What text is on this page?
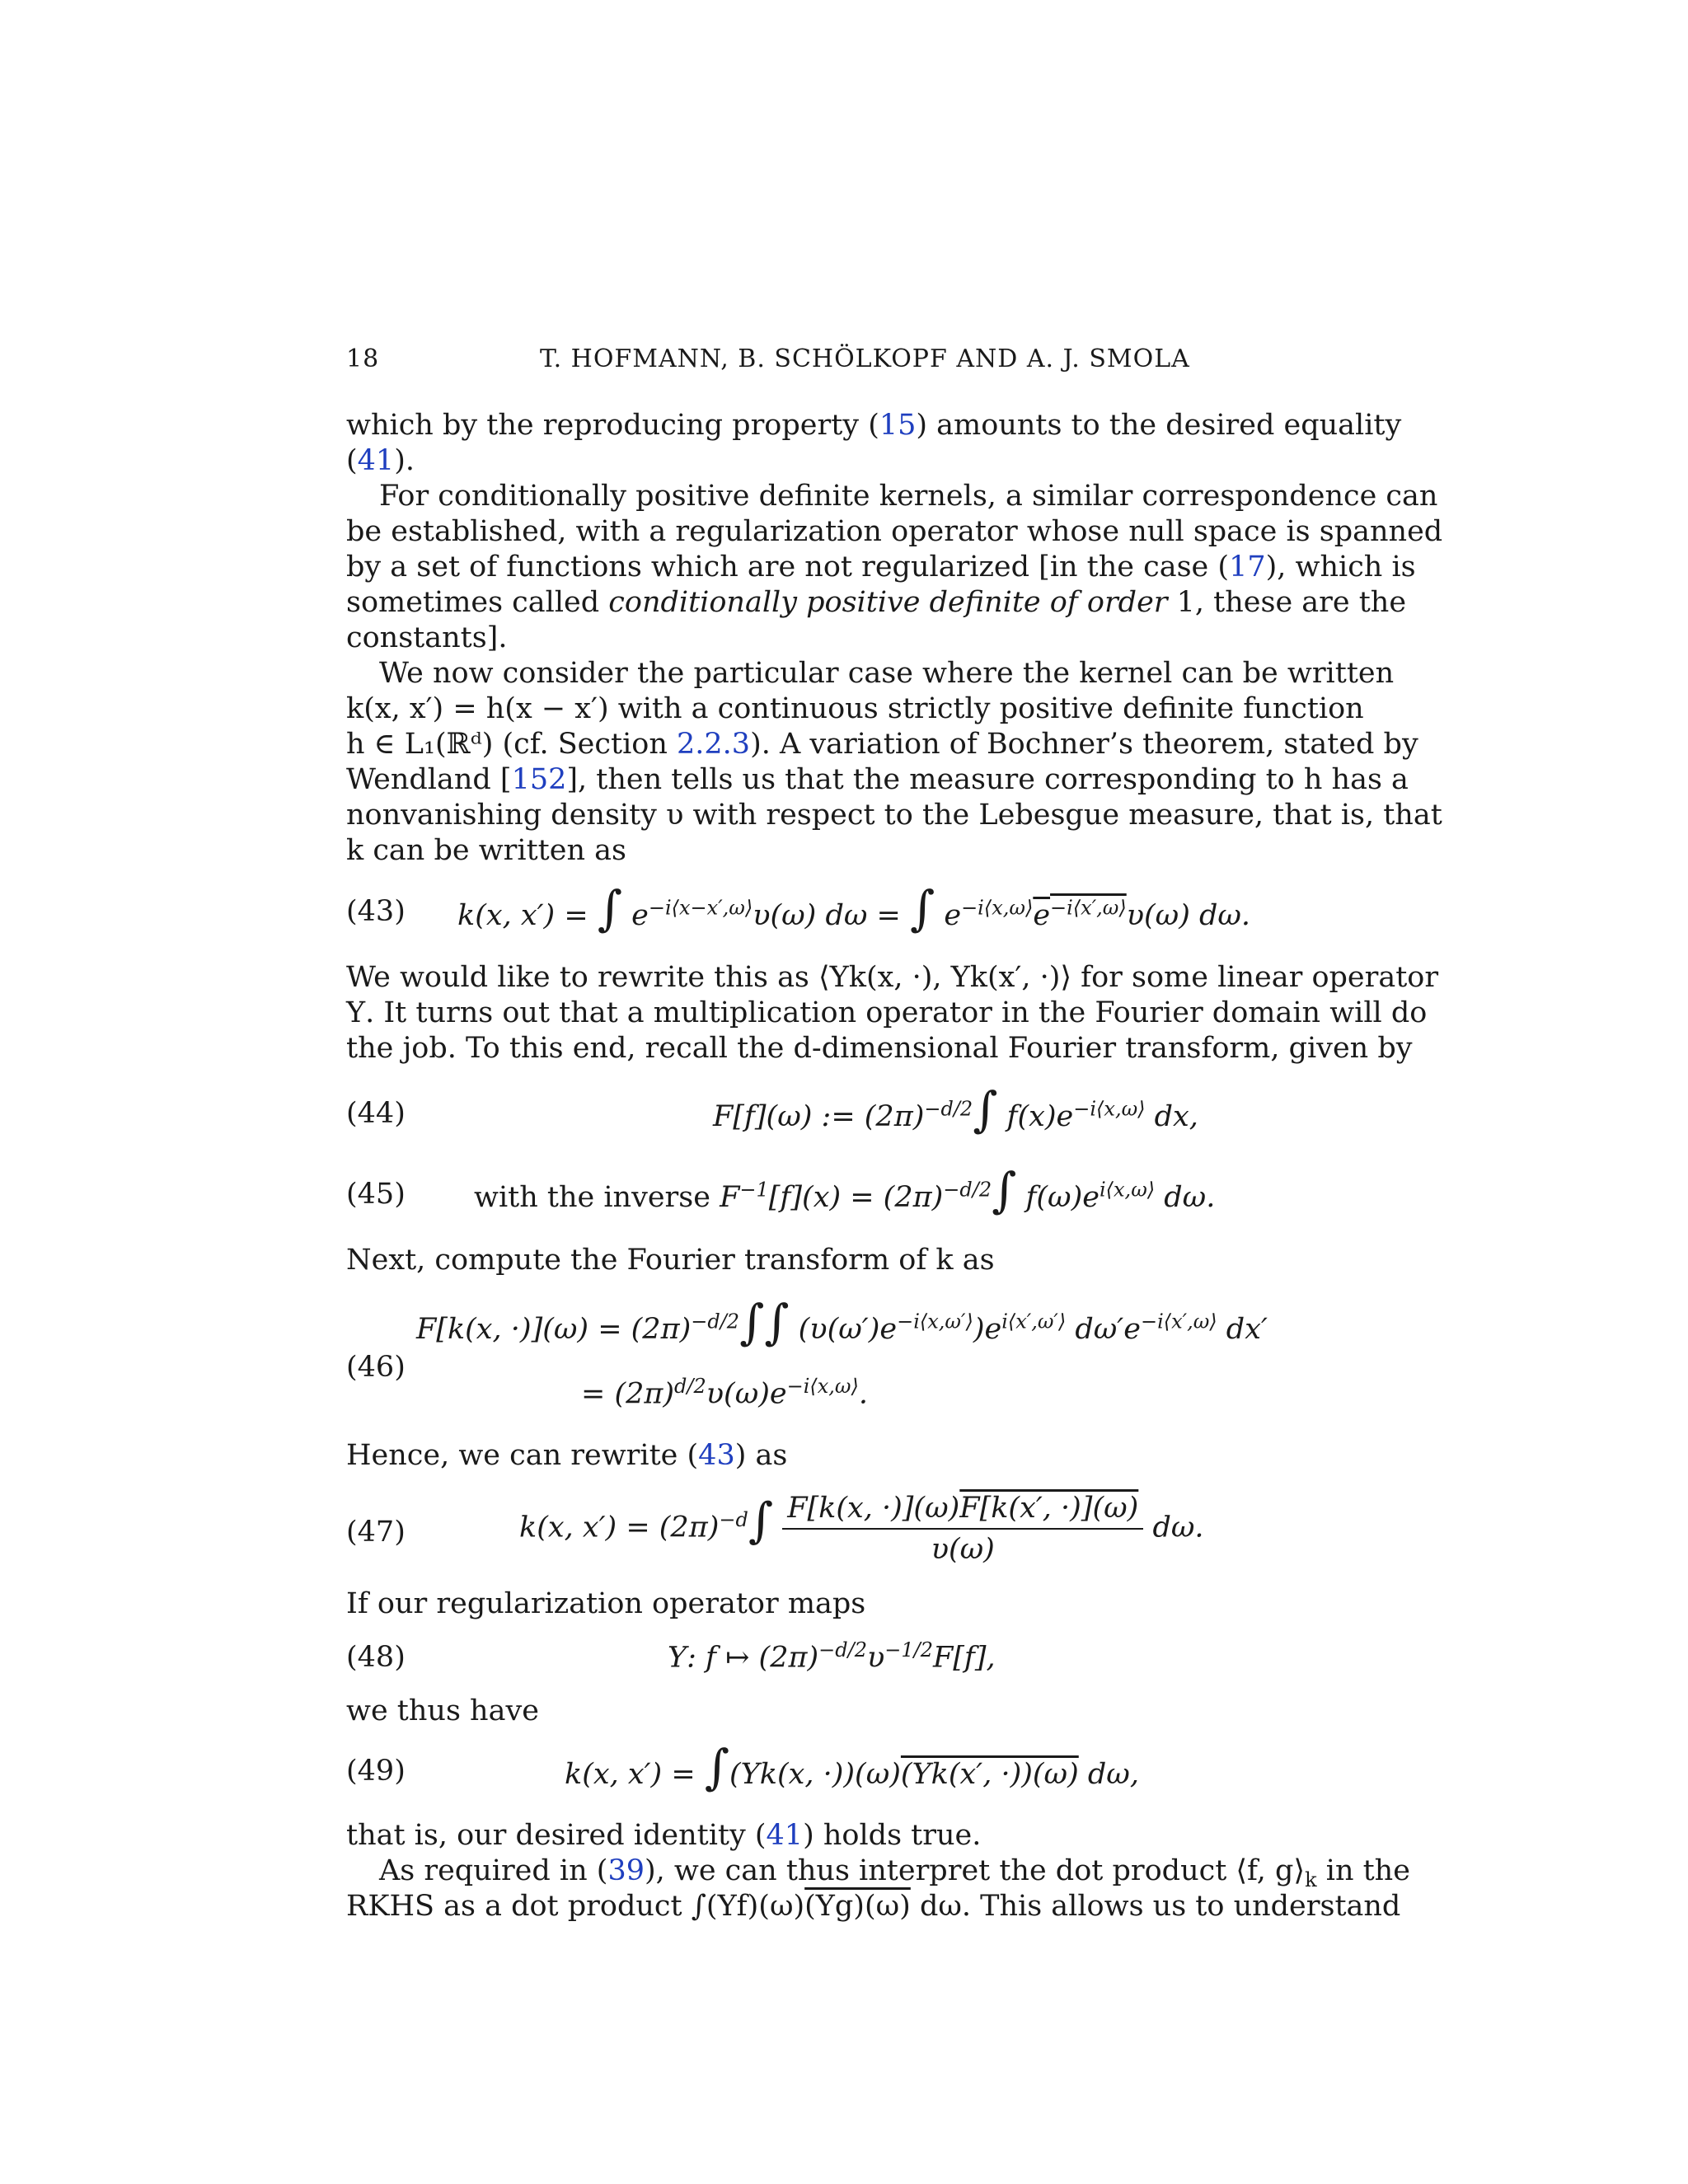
18	T. HOFMANN, B. SCHÖLKOPF AND A. J. SMOLA
which by the reproducing property (15) amounts to the desired equality
(41).
For conditionally positive definite kernels, a similar correspondence can
be established, with a regularization operator whose null space is spanned
by a set of functions which are not regularized [in the case (17), which is
sometimes called conditionally positive definite of order 1, these are the
constants].
We now consider the particular case where the kernel can be written
k(x, x′) = h(x − x′) with a continuous strictly positive definite function
h ∈ L₁(ℝᵈ) (cf. Section 2.2.3). A variation of Bochner’s theorem, stated by
Wendland [152], then tells us that the measure corresponding to h has a
nonvanishing density υ with respect to the Lebesgue measure, that is, that
k can be written as
(43) k(x, x′) = ∫ $e^{-i⟨x-x',\omega⟩}\upsilon(\omega) d\omega$ = ∫ $e^{-i⟨x,\omega⟩}e^{-i⟨x',\omega⟩}\upsilon(\omega)$ dω.
We would like to rewrite this as ⟨Υk(x, ·), Υk(x′, ·)⟩ for some linear operator
Υ. It turns out that a multiplication operator in the Fourier domain will do
the job. To this end, recall the d-dimensional Fourier transform, given by
(44)	F[f](ω) := $(2\pi)^{-d/2}\int$ $f(x)e^{-i⟨x,\omega⟩}$ dx,
(45) with the inverse $F^{-1}[f](x) = (2\pi)^{-d/2}\int$ $f(\omega)e^{i⟨x,\omega⟩}$ dω.
Next, compute the Fourier transform of k as
(46)
F[k(x, $\cdot)](\omega) = (2\pi)^{-d/2}\int\int$ $(\upsilon(\omega')e^{-i⟨x,\omega'⟩})e^{i⟨x',\omega'⟩}$ $d\omega'e^{-i⟨x',\omega⟩}$ dx′
= $(2\pi)^{d/2}\upsilon(\omega)e^{-i⟨x,\omega⟩}$.
Hence, we can rewrite (43) as
(47)	k(x, $x') = (2\pi)^{-d}\int \frac{F[k(x, \cdot)](\omega)F[k(x', \cdot)](\omega)}{\upsilon(\omega)} d\omega$.
If our regularization operator maps
(48)	Υ: f ↦ $(2\pi)^{-d/2}\upsilon^{-1/2}F[f]$,
we thus have
(49)	k(x, x′) = ∫(Υk(x, ·))(ω)(Υk(x′, ·))(ω) dω,
that is, our desired identity (41) holds true.
As required in (39), we can thus interpret the dot product ⟨f, $g⟩_k$ in the
RKHS as a dot product ∫(Υf)(ω)(Υg)(ω) dω. This allows us to understand
